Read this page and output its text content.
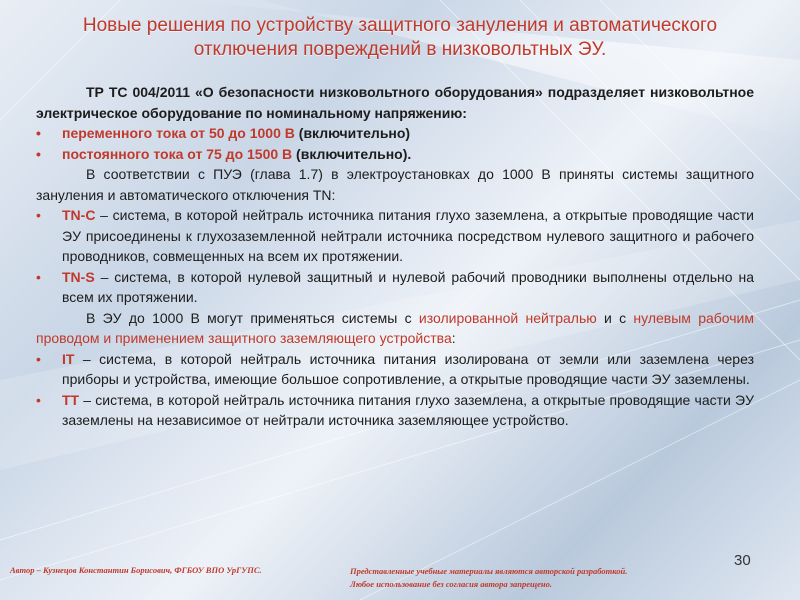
Новые решения по устройству защитного зануления и автоматического
отключения повреждений в низковольтных ЭУ.

ТР ТС 004/2011 «О безопасности низковольтного оборудования» подразделяет низковольтное электрическое оборудование по номинальному напряжению:

• переменного тока от 50 до 1000 В (включительно)

• постоянного тока от 75 до 1500 В (включительно).

В соответствии с ПУЭ (глава 1.7) в электроустановках до 1000 В приняты системы защитного зануления и автоматического отключения TN:

• TN-C – система, в которой нейтраль источника питания глухо заземлена, а открытые проводящие части ЭУ присоединены к глухозаземленной нейтрали источника посредством нулевого защитного и рабочего проводников, совмещенных на всем их протяжении.

• TN-S – система, в которой нулевой защитный и нулевой рабочий проводники выполнены отдельно на всем их протяжении.

В ЭУ до 1000 В могут применяться системы с изолированной нейтралью и с нулевым рабочим проводом и применением защитного заземляющего устройства:

• IT – система, в которой нейтраль источника питания изолирована от земли или заземлена через приборы и устройства, имеющие большое сопротивление, а открытые проводящие части ЭУ заземлены.

• TT – система, в которой нейтраль источника питания глухо заземлена, а открытые проводящие части ЭУ заземлены на независимое от нейтрали источника заземляющее устройство.

30
Автор – Кузнецов Константин Борисович, ФГБОУ ВПО УрГУПС.	Представленные учебные материалы являются авторской разработкой.
Любое использование без согласия автора запрещено.
